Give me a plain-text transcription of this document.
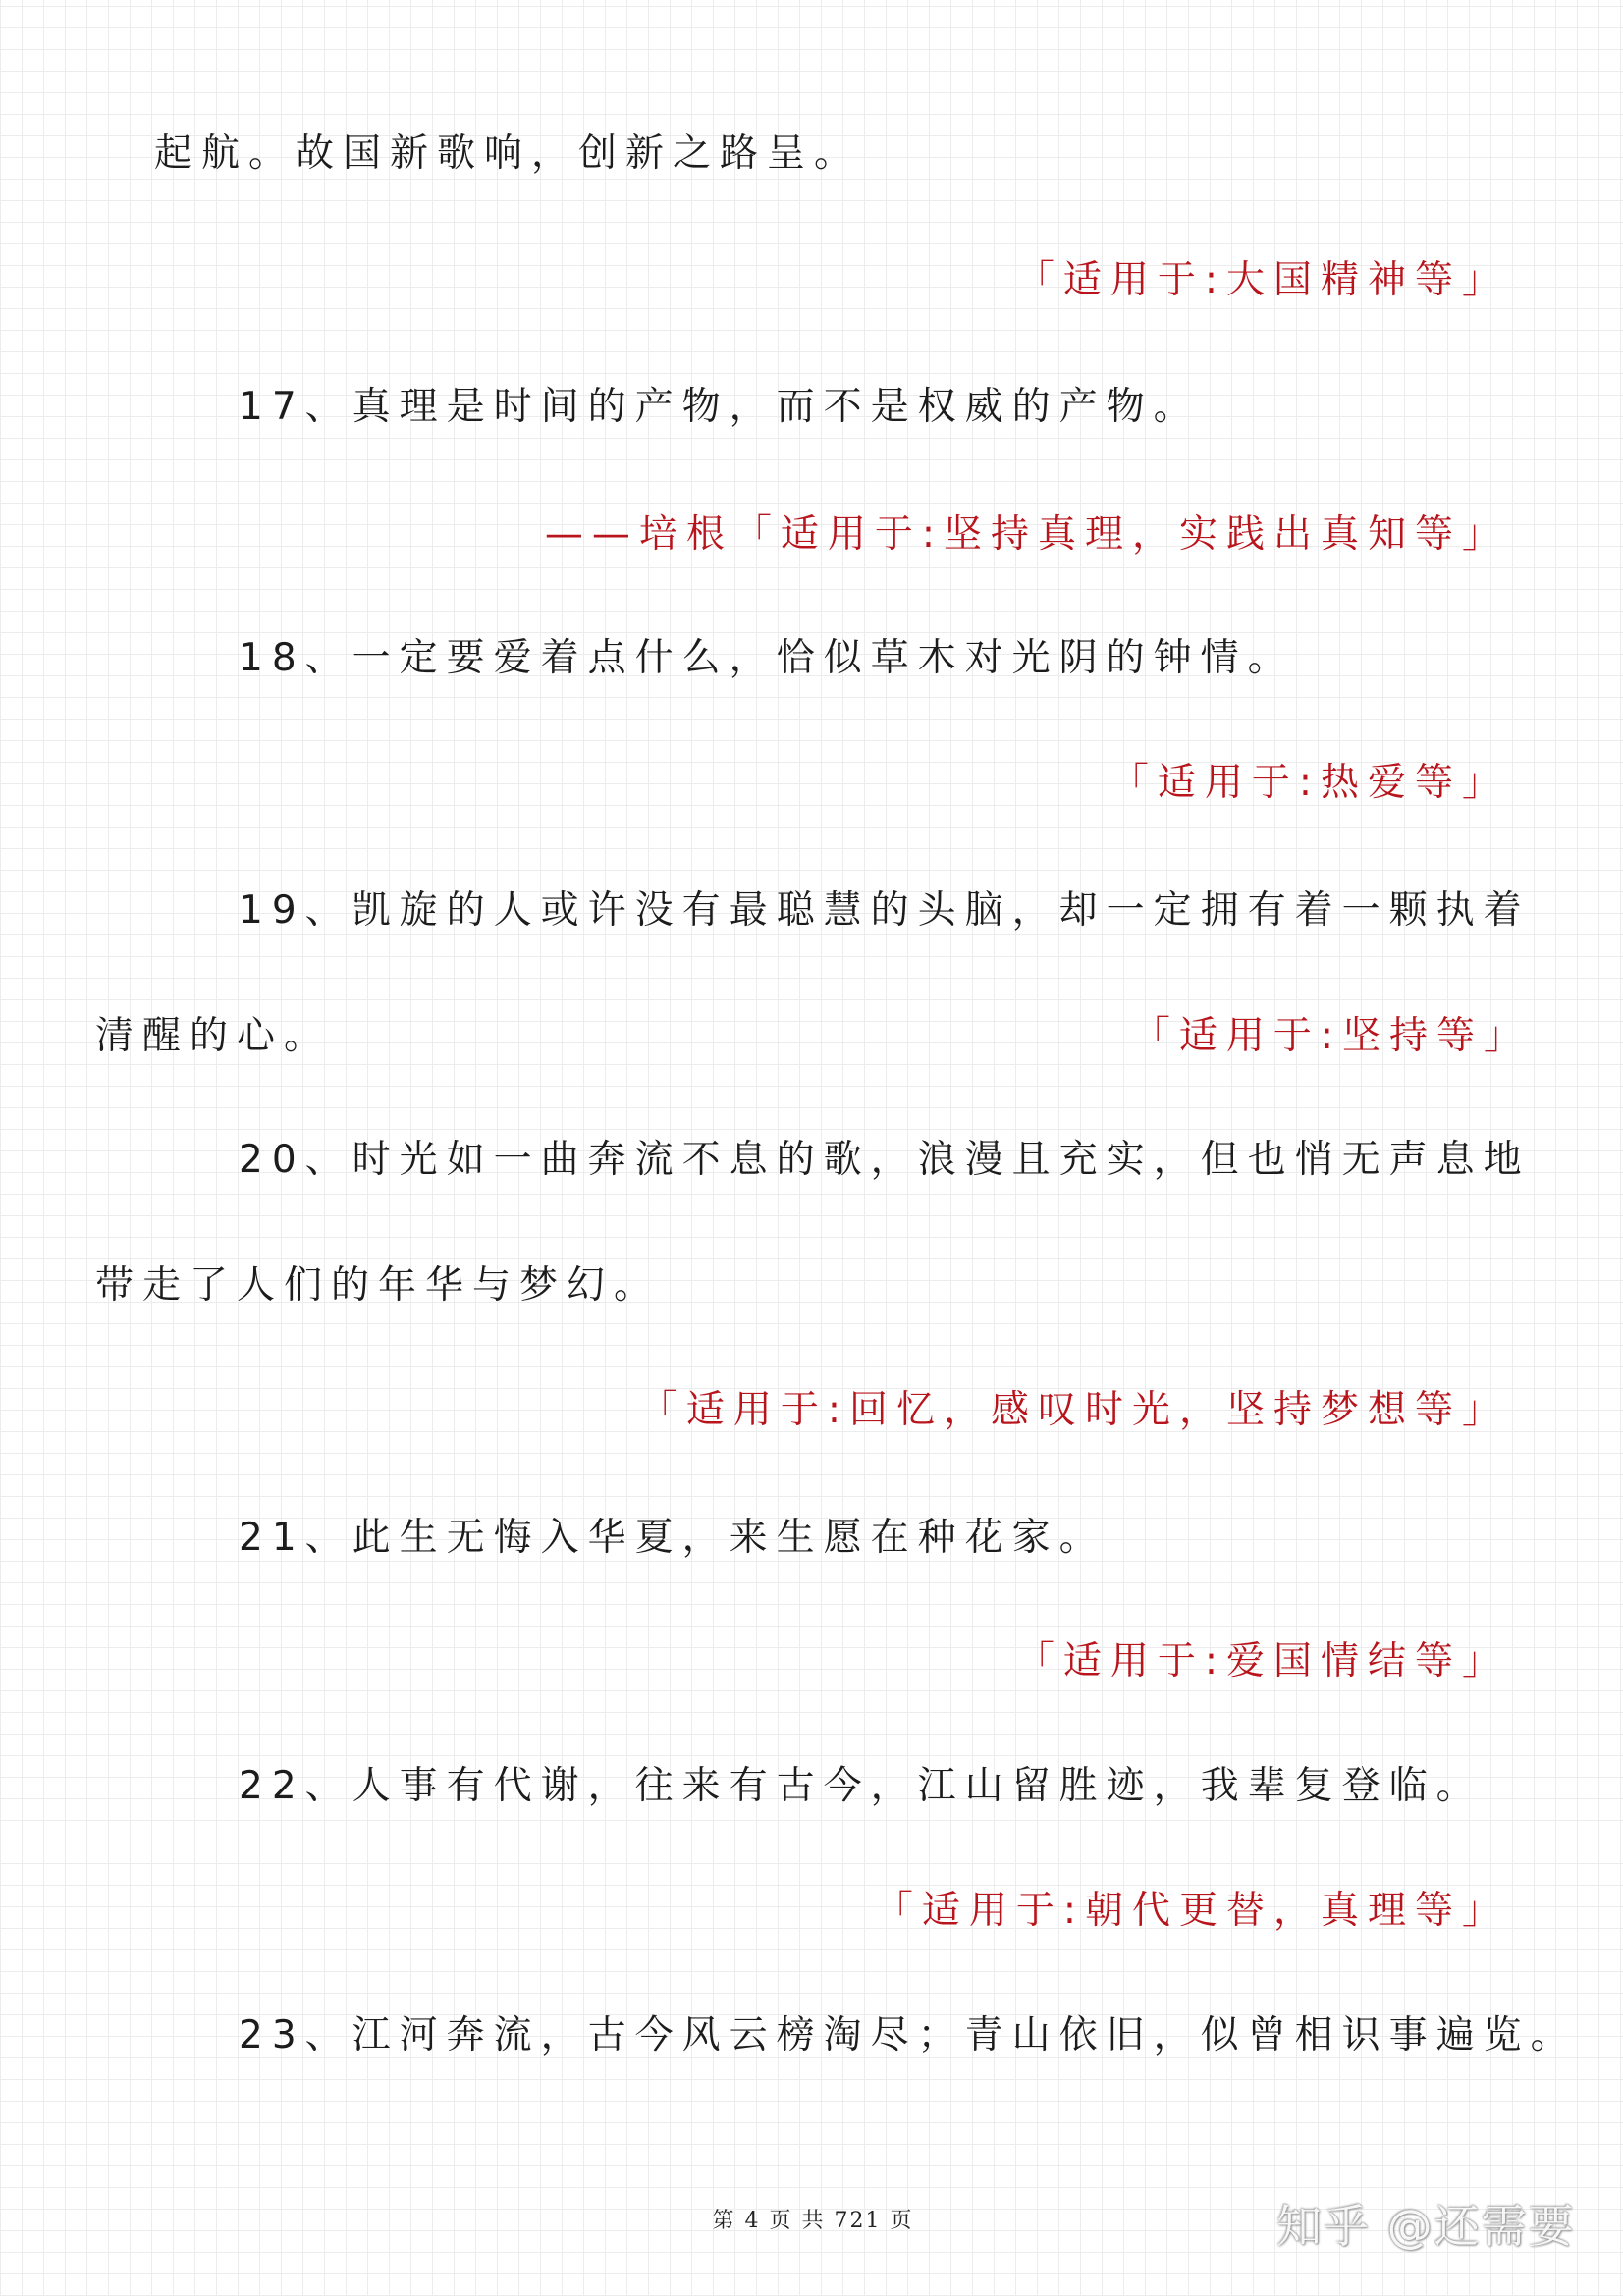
起航。故国新歌响，创新之路呈。
「适用于:大国精神等」
17、真理是时间的产物，而不是权威的产物。
——培根「适用于:坚持真理，实践出真知等」
18、一定要爱着点什么，恰似草木对光阴的钟情。
「适用于:热爱等」
19、凯旋的人或许没有最聪慧的头脑，却一定拥有着一颗执着
清醒的心。	「适用于:坚持等」
20、时光如一曲奔流不息的歌，浪漫且充实，但也悄无声息地
带走了人们的年华与梦幻。
「适用于:回忆，感叹时光，坚持梦想等」
21、此生无悔入华夏，来生愿在种花家。
「适用于:爱国情结等」
22、人事有代谢，往来有古今，江山留胜迹，我辈复登临。
「适用于:朝代更替，真理等」
23、江河奔流，古今风云榜淘尽；青山依旧，似曾相识事遍览。
第 4 页 共 721 页	知乎 @还需要
